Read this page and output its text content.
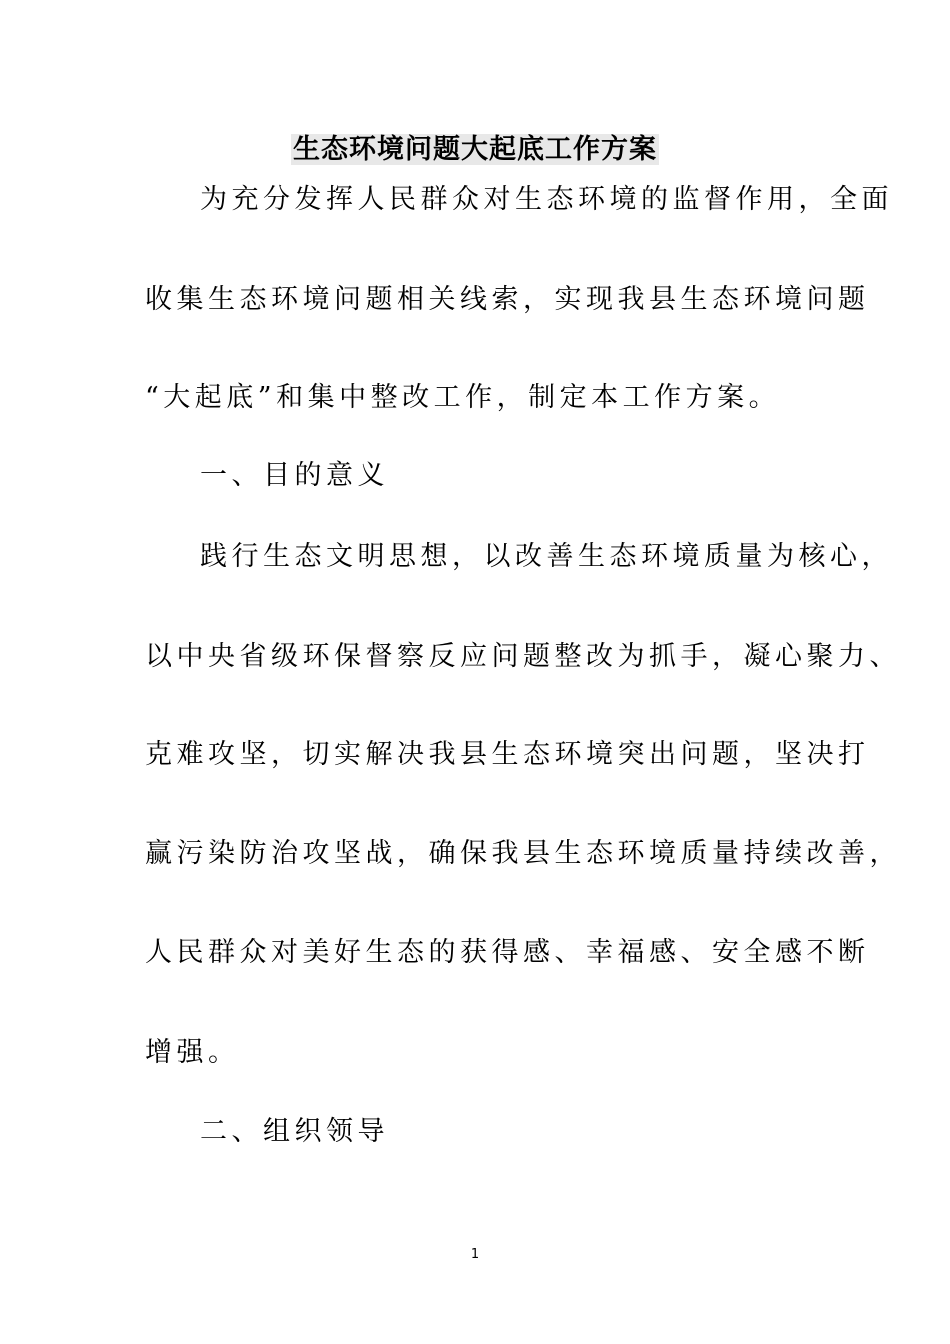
生态环境问题大起底工作方案
为充分发挥人民群众对生态环境的监督作用，全面
收集生态环境问题相关线索，实现我县生态环境问题
“大起底”和集中整改工作，制定本工作方案。
一、目的意义
践行生态文明思想，以改善生态环境质量为核心，
以中央省级环保督察反应问题整改为抓手，凝心聚力、
克难攻坚，切实解决我县生态环境突出问题，坚决打
赢污染防治攻坚战，确保我县生态环境质量持续改善，
人民群众对美好生态的获得感、幸福感、安全感不断
增强。
二、组织领导
1
